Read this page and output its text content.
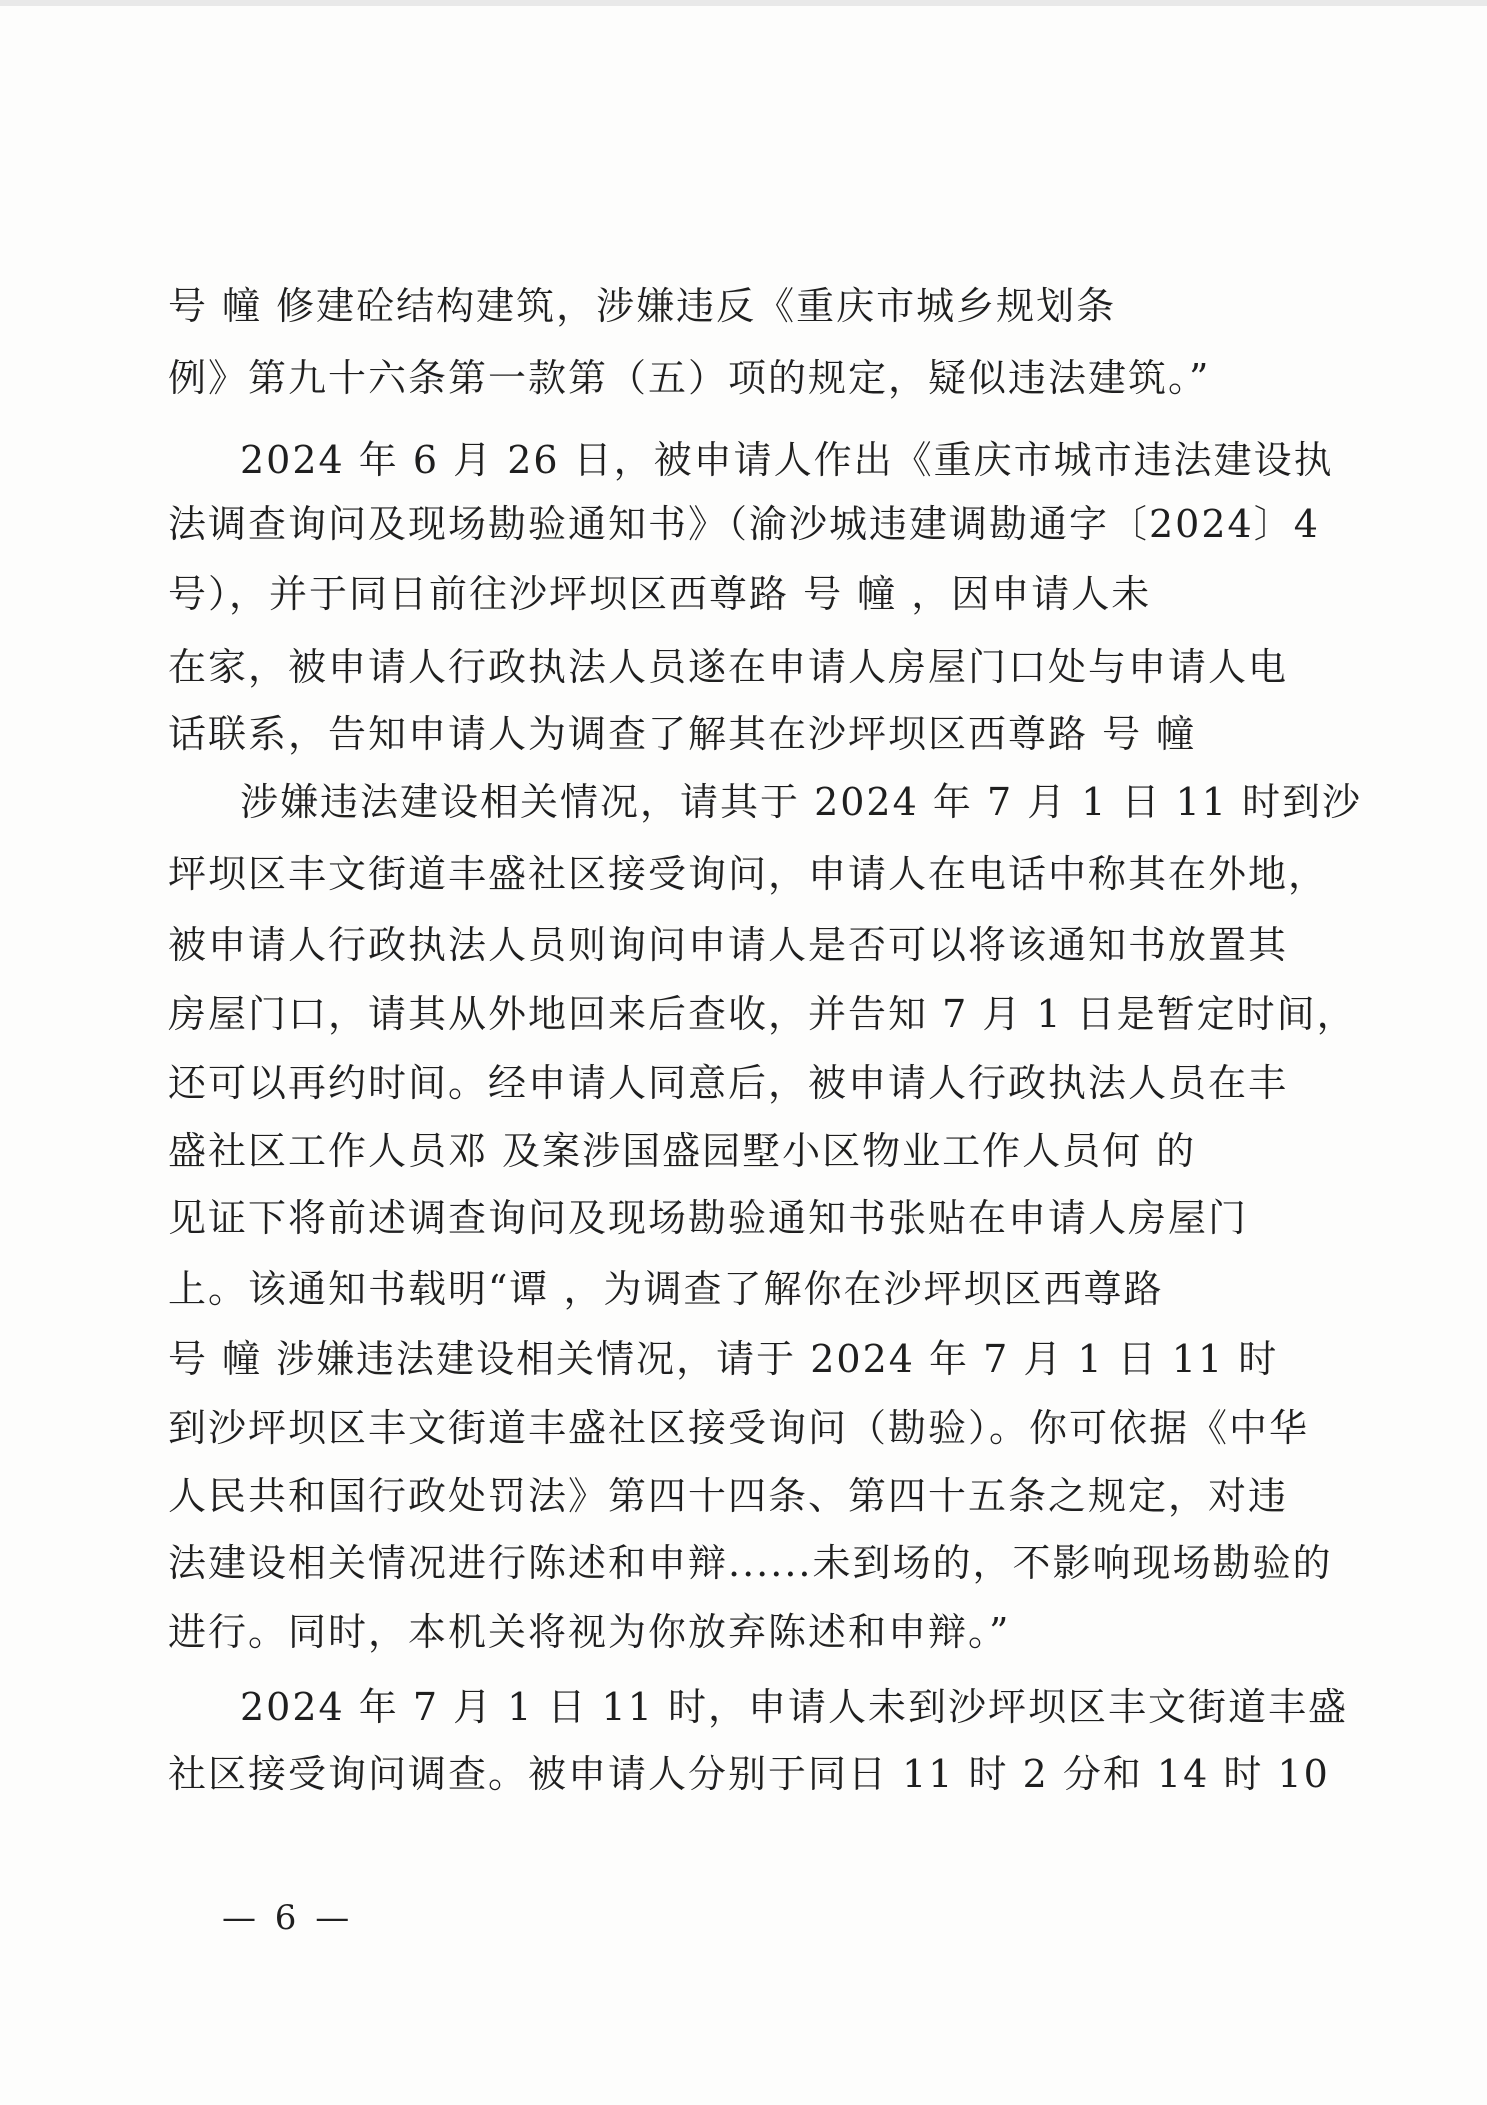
号 幢 修建砼结构建筑，涉嫌违反《重庆市城乡规划条
例》第九十六条第一款第（五）项的规定，疑似违法建筑。”
2024 年 6 月 26 日，被申请人作出《重庆市城市违法建设执
法调查询问及现场勘验通知书》（渝沙城违建调勘通字〔2024〕4
号），并于同日前往沙坪坝区西尊路 号 幢 ，因申请人未
在家，被申请人行政执法人员遂在申请人房屋门口处与申请人电
话联系，告知申请人为调查了解其在沙坪坝区西尊路 号 幢
涉嫌违法建设相关情况，请其于 2024 年 7 月 1 日 11 时到沙
坪坝区丰文街道丰盛社区接受询问，申请人在电话中称其在外地，
被申请人行政执法人员则询问申请人是否可以将该通知书放置其
房屋门口，请其从外地回来后查收，并告知 7 月 1 日是暂定时间，
还可以再约时间。经申请人同意后，被申请人行政执法人员在丰
盛社区工作人员邓 及案涉国盛园墅小区物业工作人员何 的
见证下将前述调查询问及现场勘验通知书张贴在申请人房屋门
上。该通知书载明“谭 ，为调查了解你在沙坪坝区西尊路
号 幢 涉嫌违法建设相关情况，请于 2024 年 7 月 1 日 11 时
到沙坪坝区丰文街道丰盛社区接受询问（勘验）。你可依据《中华
人民共和国行政处罚法》第四十四条、第四十五条之规定，对违
法建设相关情况进行陈述和申辩......未到场的，不影响现场勘验的
进行。同时，本机关将视为你放弃陈述和申辩。”
2024 年 7 月 1 日 11 时，申请人未到沙坪坝区丰文街道丰盛
社区接受询问调查。被申请人分别于同日 11 时 2 分和 14 时 10
— 6 —
